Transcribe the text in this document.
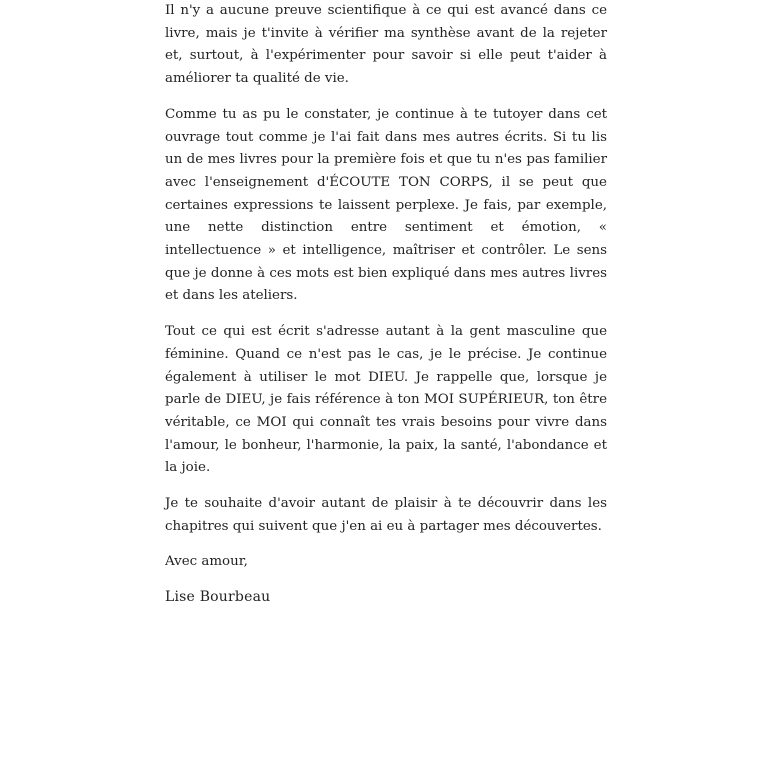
Il n'y a aucune preuve scientifique à ce qui est avancé dans ce livre, mais je t'invite à vérifier ma synthèse avant de la rejeter et, surtout, à l'expérimenter pour savoir si elle peut t'aider à améliorer ta qualité de vie.

Comme tu as pu le constater, je continue à te tutoyer dans cet ouvrage tout comme je l'ai fait dans mes autres écrits. Si tu lis un de mes livres pour la première fois et que tu n'es pas familier avec l'enseignement d'ÉCOUTE TON CORPS, il se peut que certaines expressions te laissent perplexe. Je fais, par exemple, une nette distinction entre sentiment et émotion, « intellectuence » et intelligence, maîtriser et contrôler. Le sens que je donne à ces mots est bien expliqué dans mes autres livres et dans les ateliers.

Tout ce qui est écrit s'adresse autant à la gent masculine que féminine. Quand ce n'est pas le cas, je le précise. Je continue également à utiliser le mot DIEU. Je rappelle que, lorsque je parle de DIEU, je fais référence à ton MOI SUPÉRIEUR, ton être véritable, ce MOI qui connaît tes vrais besoins pour vivre dans l'amour, le bonheur, l'harmonie, la paix, la santé, l'abondance et la joie.

Je te souhaite d'avoir autant de plaisir à te découvrir dans les chapitres qui suivent que j'en ai eu à partager mes découvertes.

Avec amour,

Lise Bourbeau
